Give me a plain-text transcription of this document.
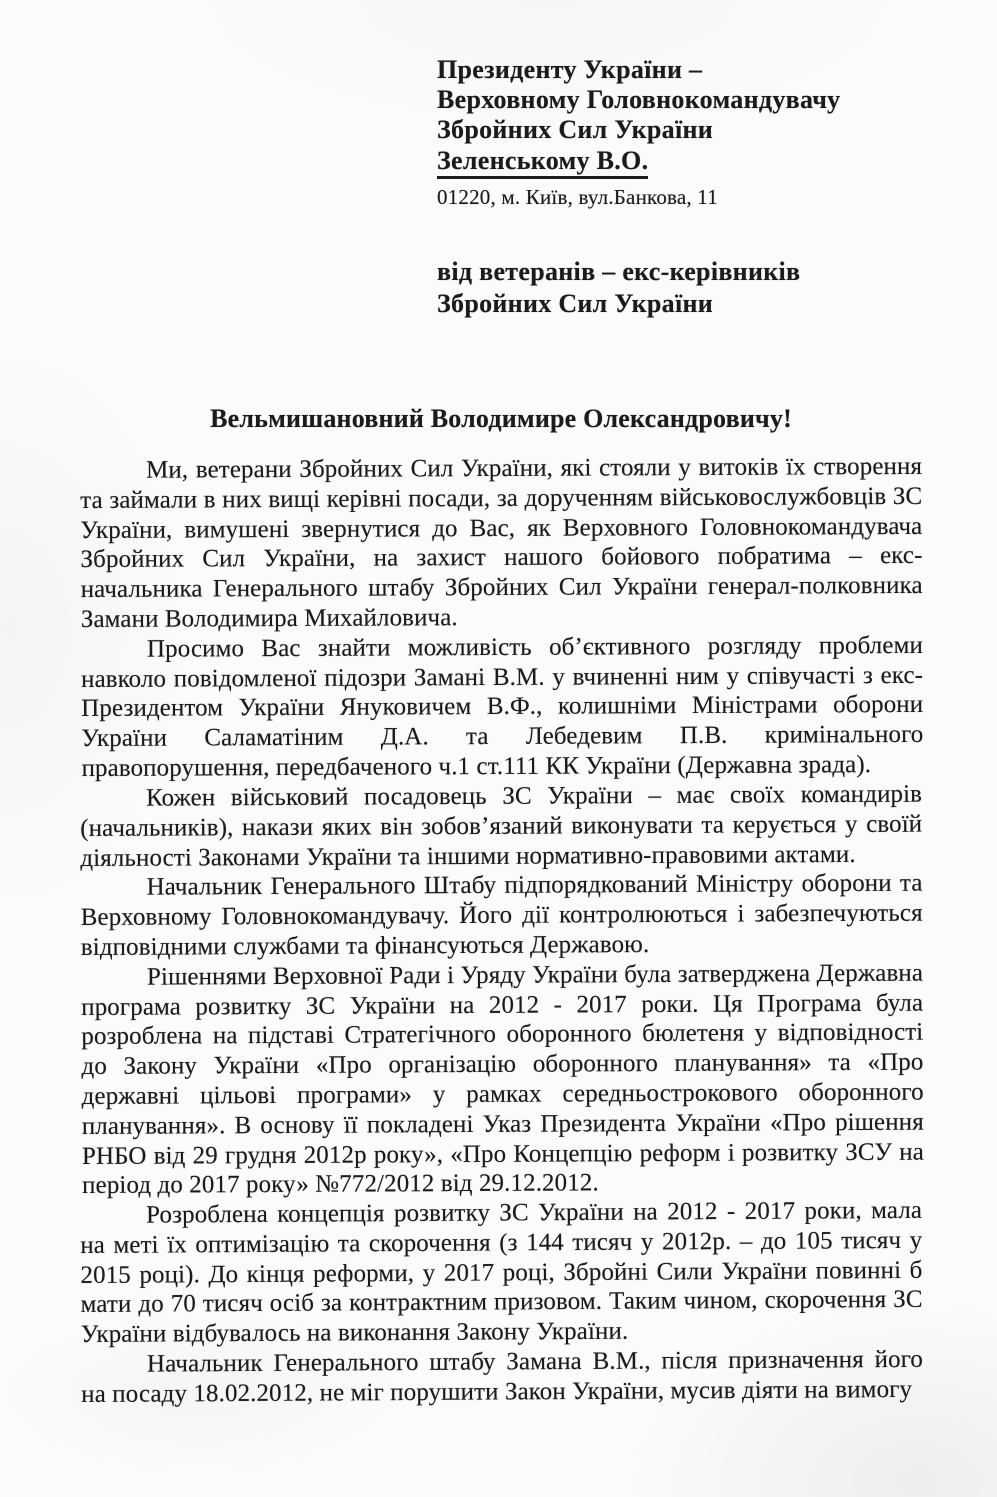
Президенту України –
Верховному Головнокомандувачу
Збройних Сил України
Зеленському В.О.
01220, м. Київ, вул.Банкова, 11
від ветеранів – екс-керівників
Збройних Сил України
Вельмишановний Володимире Олександровичу!

Ми, ветерани Збройних Сил України, які стояли у витоків їх створення та займали в них вищі керівні посади, за дорученням військовослужбовців ЗС України, вимушені звернутися до Вас, як Верховного Головнокомандувача Збройних Сил України, на захист нашого бойового побратима – екс-начальника Генерального штабу Збройних Сил України генерал-полковника Замани Володимира Михайловича.

Просимо Вас знайти можливість об’єктивного розгляду проблеми навколо повідомленої підозри Замані В.М. у вчиненні ним у співучасті з екс-Президентом України Януковичем В.Ф., колишніми Міністрами оборони України Саламатіним Д.А. та Лебедевим П.В. кримінального правопорушення, передбаченого ч.1 ст.111 КК України (Державна зрада).

Кожен військовий посадовець ЗС України – має своїх командирів (начальників), накази яких він зобов’язаний виконувати та керується у своїй діяльності Законами України та іншими нормативно-правовими актами.

Начальник Генерального Штабу підпорядкований Міністру оборони та Верховному Головнокомандувачу. Його дії контролюються і забезпечуються відповідними службами та фінансуються Державою.

Рішеннями Верховної Ради і Уряду України була затверджена Державна програма розвитку ЗС України на 2012 - 2017 роки. Ця Програма була розроблена на підставі Стратегічного оборонного бюлетеня у відповідності до Закону України «Про організацію оборонного планування» та «Про державні цільові програми» у рамках середньострокового оборонного планування». В основу її покладені Указ Президента України «Про рішення РНБО від 29 грудня 2012р року», «Про Концепцію реформ і розвитку ЗСУ на період до 2017 року» №772/2012 від 29.12.2012.

Розроблена концепція розвитку ЗС України на 2012 - 2017 роки, мала на меті їх оптимізацію та скорочення (з 144 тисяч у 2012р. – до 105 тисяч у 2015 році). До кінця реформи, у 2017 році, Збройні Сили України повинні б мати до 70 тисяч осіб за контрактним призовом. Таким чином, скорочення ЗС України відбувалось на виконання Закону України.

Начальник Генерального штабу Замана В.М., після призначення його на посаду 18.02.2012, не міг порушити Закон України, мусив діяти на вимогу
